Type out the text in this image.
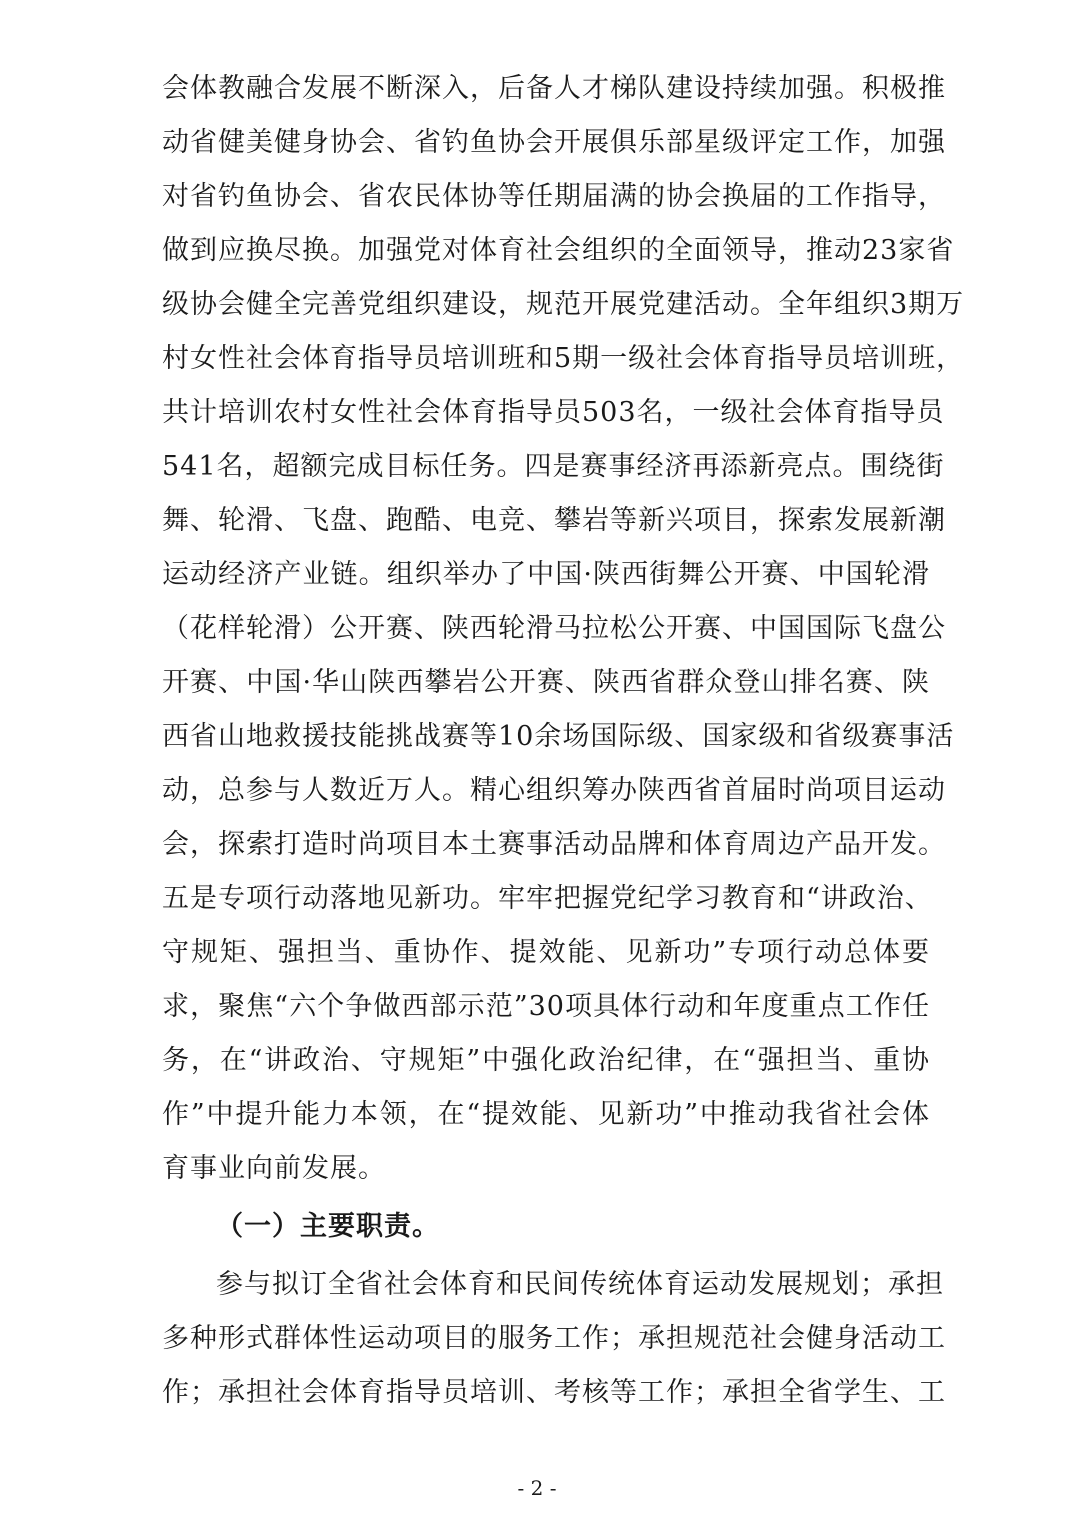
会体教融合发展不断深入，后备人才梯队建设持续加强。积极推
动省健美健身协会、省钓鱼协会开展俱乐部星级评定工作，加强
对省钓鱼协会、省农民体协等任期届满的协会换届的工作指导，
做到应换尽换。加强党对体育社会组织的全面领导，推动23家省
级协会健全完善党组织建设，规范开展党建活动。全年组织3期万
村女性社会体育指导员培训班和5期一级社会体育指导员培训班，
共计培训农村女性社会体育指导员503名，一级社会体育指导员
541名，超额完成目标任务。四是赛事经济再添新亮点。围绕街
舞、轮滑、飞盘、跑酷、电竞、攀岩等新兴项目，探索发展新潮
运动经济产业链。组织举办了中国·陕西街舞公开赛、中国轮滑
（花样轮滑）公开赛、陕西轮滑马拉松公开赛、中国国际飞盘公
开赛、中国·华山陕西攀岩公开赛、陕西省群众登山排名赛、陕
西省山地救援技能挑战赛等10余场国际级、国家级和省级赛事活
动，总参与人数近万人。精心组织筹办陕西省首届时尚项目运动
会，探索打造时尚项目本土赛事活动品牌和体育周边产品开发。
五是专项行动落地见新功。牢牢把握党纪学习教育和“讲政治、
守规矩、强担当、重协作、提效能、见新功”专项行动总体要
求，聚焦“六个争做西部示范”30项具体行动和年度重点工作任
务，在“讲政治、守规矩”中强化政治纪律，在“强担当、重协
作”中提升能力本领，在“提效能、见新功”中推动我省社会体
育事业向前发展。
（一）主要职责。
参与拟订全省社会体育和民间传统体育运动发展规划；承担
多种形式群体性运动项目的服务工作；承担规范社会健身活动工
作；承担社会体育指导员培训、考核等工作；承担全省学生、工
- 2 -
